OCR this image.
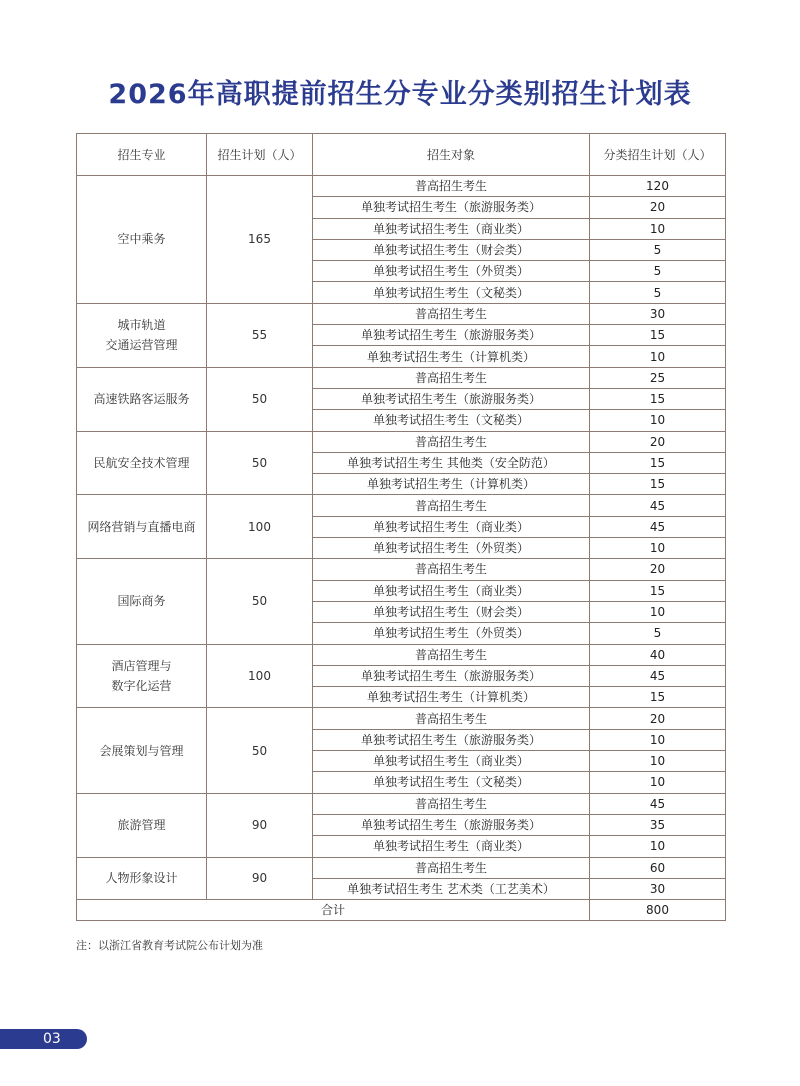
2026年高职提前招生分专业分类别招生计划表
招生专业	招生计划（人）	招生对象	分类招生计划（人）
空中乘务	165	普高招生考生	120
		单独考试招生考生（旅游服务类）	20
		单独考试招生考生（商业类）	10
		单独考试招生考生（财会类）	5
		单独考试招生考生（外贸类）	5
		单独考试招生考生（文秘类）	5

城市轨道
交通运营管理	55	普高招生考生	30
		单独考试招生考生（旅游服务类）	15
		单独考试招生考生（计算机类）	10
高速铁路客运服务	50	普高招生考生	25
		单独考试招生考生（旅游服务类）	15
		单独考试招生考生（文秘类）	10
民航安全技术管理	50	普高招生考生	20
		单独考试招生考生 其他类（安全防范）	15
		单独考试招生考生（计算机类）	15
网络营销与直播电商	100	普高招生考生	45
		单独考试招生考生（商业类）	45
		单独考试招生考生（外贸类）	10
国际商务	50	普高招生考生	20
		单独考试招生考生（商业类）	15
		单独考试招生考生（财会类）	10
		单独考试招生考生（外贸类）	5

酒店管理与
数字化运营	100	普高招生考生	40
		单独考试招生考生（旅游服务类）	45
		单独考试招生考生（计算机类）	15
会展策划与管理	50	普高招生考生	20
		单独考试招生考生（旅游服务类）	10
		单独考试招生考生（商业类）	10
		单独考试招生考生（文秘类）	10
旅游管理	90	普高招生考生	45
		单独考试招生考生（旅游服务类）	35
		单独考试招生考生（商业类）	10
人物形象设计	90	普高招生考生	60
		单独考试招生考生 艺术类（工艺美术）	30
合计			800
注：以浙江省教育考试院公布计划为准
03
